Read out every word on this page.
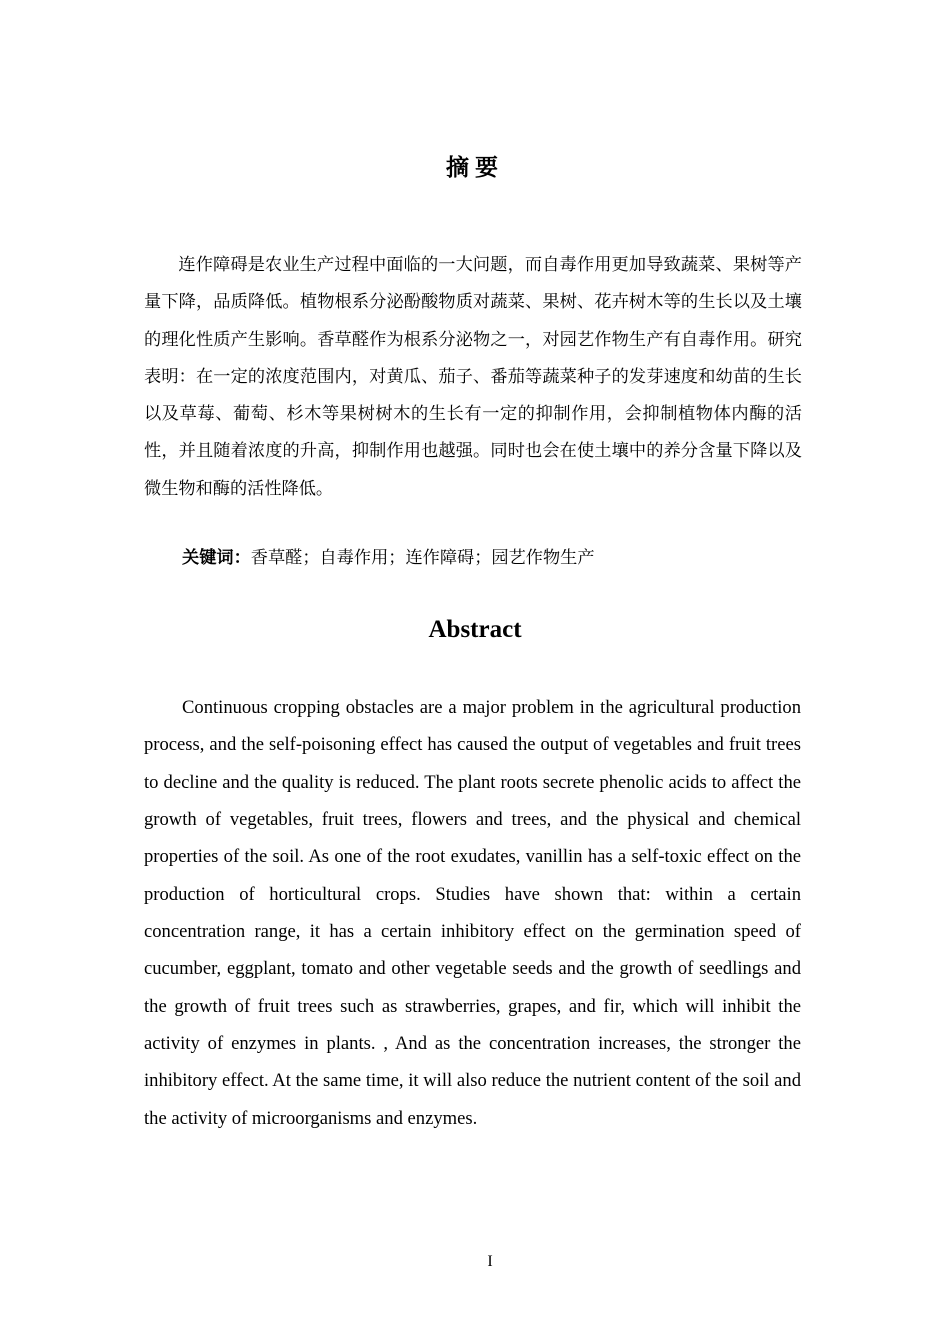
摘要

连作障碍是农业生产过程中面临的一大问题，而自毒作用更加导致蔬菜、果树等产量下降，品质降低。植物根系分泌酚酸物质对蔬菜、果树、花卉树木等的生长以及土壤的理化性质产生影响。香草醛作为根系分泌物之一，对园艺作物生产有自毒作用。研究表明：在一定的浓度范围内，对黄瓜、茄子、番茄等蔬菜种子的发芽速度和幼苗的生长以及草莓、葡萄、杉木等果树树木的生长有一定的抑制作用，会抑制植物体内酶的活性，并且随着浓度的升高，抑制作用也越强。同时也会在使土壤中的养分含量下降以及微生物和酶的活性降低。

关键词：香草醛；自毒作用；连作障碍；园艺作物生产

Abstract

Continuous cropping obstacles are a major problem in the agricultural production process, and the self-poisoning effect has caused the output of vegetables and fruit trees to decline and the quality is reduced. The plant roots secrete phenolic acids to affect the growth of vegetables, fruit trees, flowers and trees, and the physical and chemical properties of the soil. As one of the root exudates, vanillin has a self-toxic effect on the production of horticultural crops. Studies have shown that: within a certain concentration range, it has a certain inhibitory effect on the germination speed of cucumber, eggplant, tomato and other vegetable seeds and the growth of seedlings and the growth of fruit trees such as strawberries, grapes, and fir, which will inhibit the activity of enzymes in plants. , And as the concentration increases, the stronger the inhibitory effect. At the same time, it will also reduce the nutrient content of the soil and the activity of microorganisms and enzymes.

I
